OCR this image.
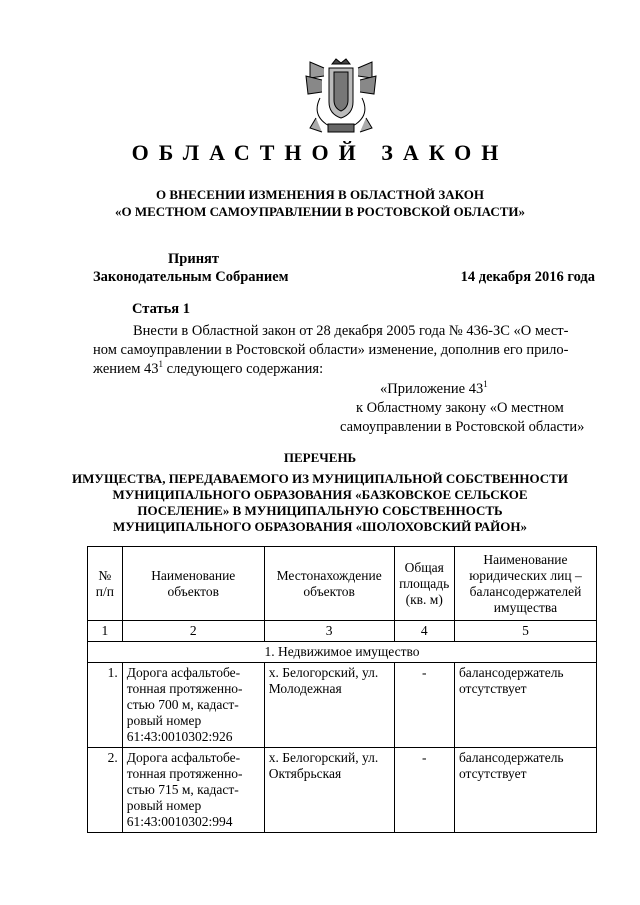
ОБЛАСТНОЙ ЗАКОН
О ВНЕСЕНИИ ИЗМЕНЕНИЯ В ОБЛАСТНОЙ ЗАКОН
«О МЕСТНОМ САМОУПРАВЛЕНИИ В РОСТОВСКОЙ ОБЛАСТИ»
Принят
Законодательным Собранием	14 декабря 2016 года
Статья 1
Внести в Областной закон от 28 декабря 2005 года № 436-ЗС «О мест-
ном самоуправлении в Ростовской области» изменение, дополнив его прило-
жением $43^1$ следующего содержания:
«Приложение $43^1$
к Областному закону «О местном
самоуправлении в Ростовской области»
ПЕРЕЧЕНЬ
ИМУЩЕСТВА, ПЕРЕДАВАЕМОГО ИЗ МУНИЦИПАЛЬНОЙ СОБСТВЕННОСТИ
МУНИЦИПАЛЬНОГО ОБРАЗОВАНИЯ «БАЗКОВСКОЕ СЕЛЬСКОЕ
ПОСЕЛЕНИЕ» В МУНИЦИПАЛЬНУЮ СОБСТВЕННОСТЬ
МУНИЦИПАЛЬНОГО ОБРАЗОВАНИЯ «ШОЛОХОВСКИЙ РАЙОН»
№ п/п	Наименование объектов	Местонахождение объектов	Общая площадь (кв. м)	Наименование юридических лиц – балансодержателей имущества
1	2	3	4	5
1. Недвижимое имущество				
1.	Дорога асфальтобе-тонная протяженно-стью 700 м, кадаст-ровый номер 61:43:0010302:926	х. Белогорский, ул. Молодежная	-	балансодержатель отсутствует
2.	Дорога асфальтобе-тонная протяженно-стью 715 м, кадаст-ровый номер 61:43:0010302:994	х. Белогорский, ул. Октябрьская	-	балансодержатель отсутствует
